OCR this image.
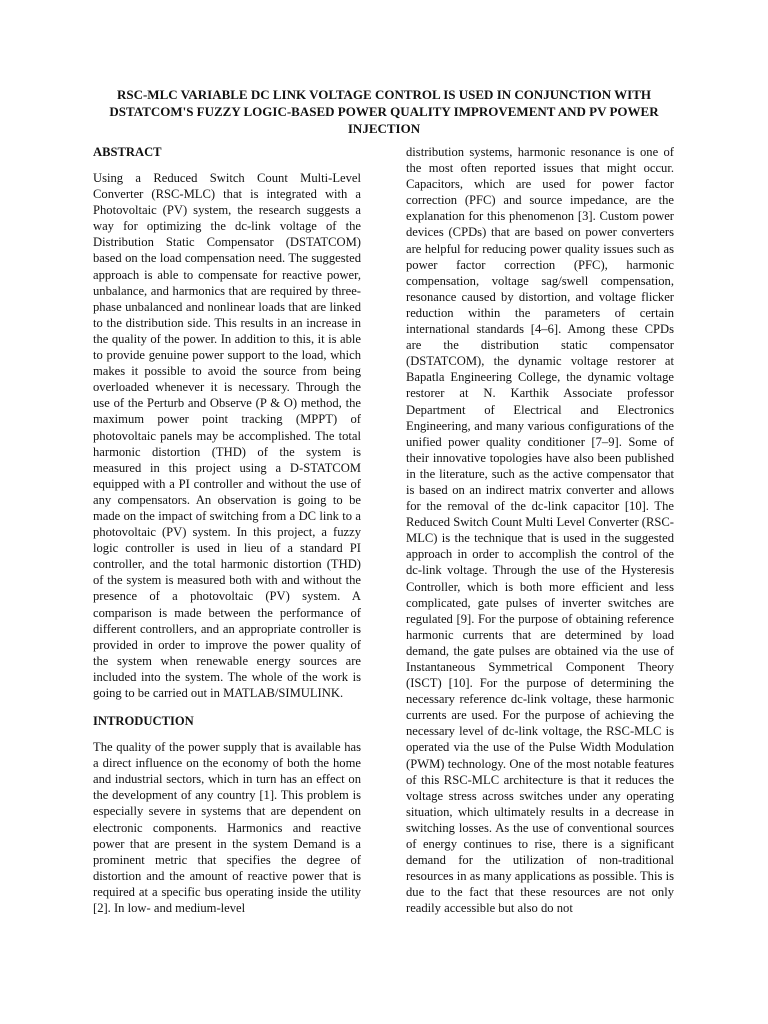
RSC-MLC VARIABLE DC LINK VOLTAGE CONTROL IS USED IN CONJUNCTION WITH DSTATCOM'S FUZZY LOGIC-BASED POWER QUALITY IMPROVEMENT AND PV POWER INJECTION
ABSTRACT

Using a Reduced Switch Count Multi-Level Converter (RSC-MLC) that is integrated with a Photovoltaic (PV) system, the research suggests a way for optimizing the dc-link voltage of the Distribution Static Compensator (DSTATCOM) based on the load compensation need. The suggested approach is able to compensate for reactive power, unbalance, and harmonics that are required by three-phase unbalanced and nonlinear loads that are linked to the distribution side. This results in an increase in the quality of the power. In addition to this, it is able to provide genuine power support to the load, which makes it possible to avoid the source from being overloaded whenever it is necessary. Through the use of the Perturb and Observe (P & O) method, the maximum power point tracking (MPPT) of photovoltaic panels may be accomplished. The total harmonic distortion (THD) of the system is measured in this project using a D-STATCOM equipped with a PI controller and without the use of any compensators. An observation is going to be made on the impact of switching from a DC link to a photovoltaic (PV) system. In this project, a fuzzy logic controller is used in lieu of a standard PI controller, and the total harmonic distortion (THD) of the system is measured both with and without the presence of a photovoltaic (PV) system. A comparison is made between the performance of different controllers, and an appropriate controller is provided in order to improve the power quality of the system when renewable energy sources are included into the system. The whole of the work is going to be carried out in MATLAB/SIMULINK.

INTRODUCTION

The quality of the power supply that is available has a direct influence on the economy of both the home and industrial sectors, which in turn has an effect on the development of any country [1]. This problem is especially severe in systems that are dependent on electronic components. Harmonics and reactive power that are present in the system Demand is a prominent metric that specifies the degree of distortion and the amount of reactive power that is required at a specific bus operating inside the utility [2]. In low- and medium-level

distribution systems, harmonic resonance is one of the most often reported issues that might occur. Capacitors, which are used for power factor correction (PFC) and source impedance, are the explanation for this phenomenon [3]. Custom power devices (CPDs) that are based on power converters are helpful for reducing power quality issues such as power factor correction (PFC), harmonic compensation, voltage sag/swell compensation, resonance caused by distortion, and voltage flicker reduction within the parameters of certain international standards [4–6]. Among these CPDs are the distribution static compensator (DSTATCOM), the dynamic voltage restorer at Bapatla Engineering College, the dynamic voltage restorer at N. Karthik Associate professor Department of Electrical and Electronics Engineering, and many various configurations of the unified power quality conditioner [7–9]. Some of their innovative topologies have also been published in the literature, such as the active compensator that is based on an indirect matrix converter and allows for the removal of the dc-link capacitor [10]. The Reduced Switch Count Multi Level Converter (RSC-MLC) is the technique that is used in the suggested approach in order to accomplish the control of the dc-link voltage. Through the use of the Hysteresis Controller, which is both more efficient and less complicated, gate pulses of inverter switches are regulated [9]. For the purpose of obtaining reference harmonic currents that are determined by load demand, the gate pulses are obtained via the use of Instantaneous Symmetrical Component Theory (ISCT) [10]. For the purpose of determining the necessary reference dc-link voltage, these harmonic currents are used. For the purpose of achieving the necessary level of dc-link voltage, the RSC-MLC is operated via the use of the Pulse Width Modulation (PWM) technology. One of the most notable features of this RSC-MLC architecture is that it reduces the voltage stress across switches under any operating situation, which ultimately results in a decrease in switching losses. As the use of conventional sources of energy continues to rise, there is a significant demand for the utilization of non-traditional resources in as many applications as possible. This is due to the fact that these resources are not only readily accessible but also do not
